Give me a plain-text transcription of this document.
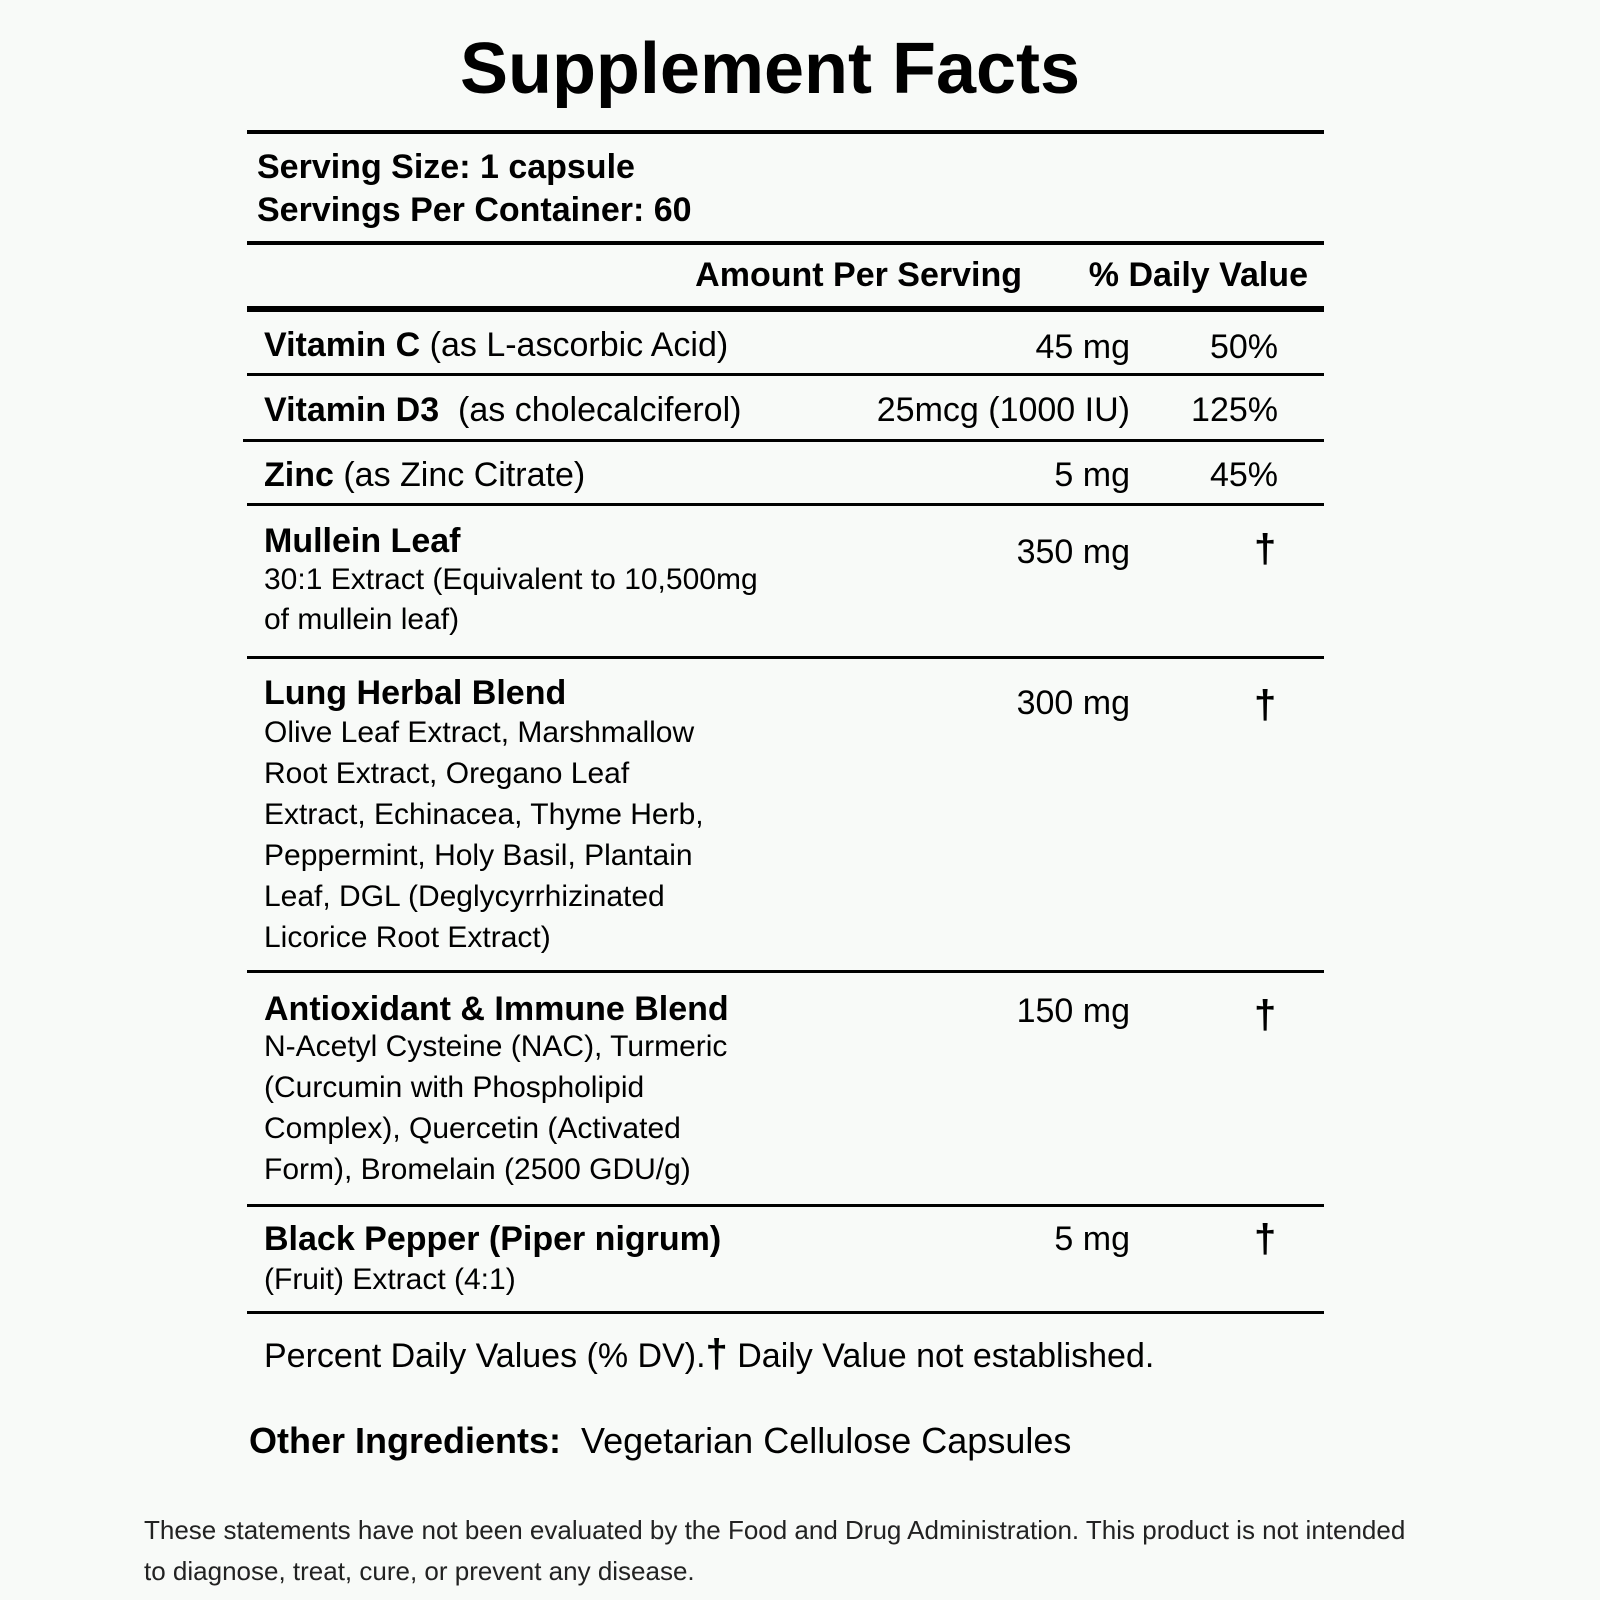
Supplement Facts
Serving Size: 1 capsule
Servings Per Container: 60
Amount Per Serving % Daily Value
Vitamin C (as L-ascorbic Acid)	45 mg 50%
Vitamin D3 (as cholecalciferol)	25mcg (1000 IU) 125%
Zinc (as Zinc Citrate)	5 mg 45%
Mullein Leaf
30:1 Extract (Equivalent to 10,500mg
of mullein leaf)
350 mg	†
Lung Herbal Blend
Olive Leaf Extract, Marshmallow
Root Extract, Oregano Leaf
Extract, Echinacea, Thyme Herb,
Peppermint, Holy Basil, Plantain
Leaf, DGL (Deglycyrrhizinated
Licorice Root Extract)
300 mg	†
Antioxidant & Immune Blend
N-Acetyl Cysteine (NAC), Turmeric
(Curcumin with Phospholipid
Complex), Quercetin (Activated
Form), Bromelain (2500 GDU/g)
150 mg	†
Black Pepper (Piper nigrum)
(Fruit) Extract (4:1)
5 mg	†
Percent Daily Values (% DV).† Daily Value not established.
Other Ingredients: Vegetarian Cellulose Capsules
These statements have not been evaluated by the Food and Drug Administration. This product is not intended
to diagnose, treat, cure, or prevent any disease.
